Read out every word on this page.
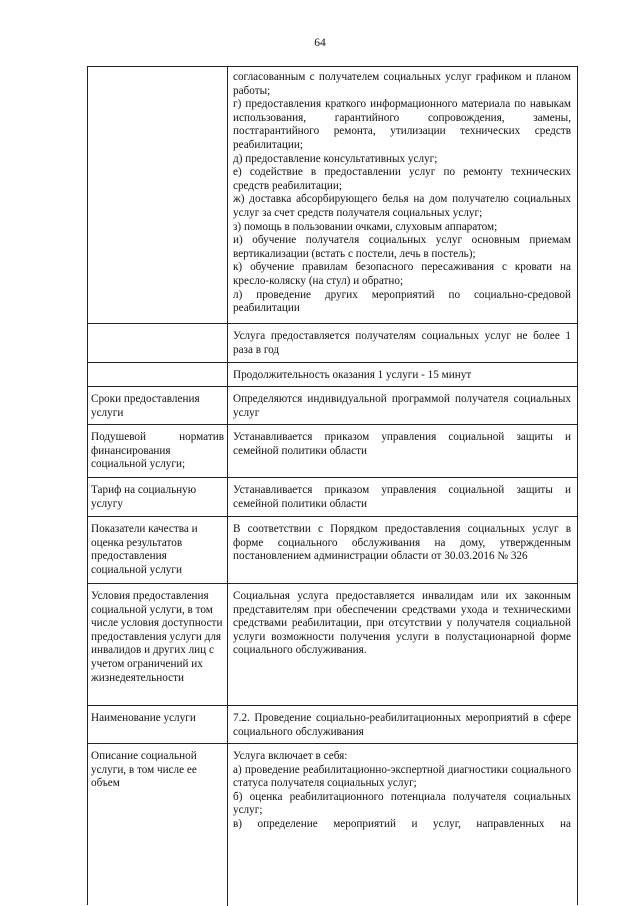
64

согласованным с получателем социальных услуг графиком и планом работы;

г) предоставления краткого информационного материала по навыкам использования, гарантийного сопровождения, замены, постгарантийного ремонта, утилизации технических средств реабилитации;

д) предоставление консультативных услуг;

е) содействие в предоставлении услуг по ремонту технических средств реабилитации;

ж) доставка абсорбирующего белья на дом получателю социальных услуг за счет средств получателя социальных услуг;

з) помощь в пользовании очками, слуховым аппаратом;

и) обучение получателя социальных услуг основным приемам вертикализации (встать с постели, лечь в постель);

к) обучение правилам безопасного пересаживания с кровати на кресло-коляску (на стул) и обратно;

л) проведение других мероприятий по социально-средовой реабилитации

Услуга предоставляется получателям социальных услуг не более 1 раза в год

Продолжительность оказания 1 услуги - 15 минут

Сроки предоставления услуги

Определяются индивидуальной программой получателя социальных услуг

Подушевой норматив финансирования социальной услуги;

Устанавливается приказом управления социальной защиты и семейной политики области

Тариф на социальную услугу

Устанавливается приказом управления социальной защиты и семейной политики области

Показатели качества и оценка результатов предоставления социальной услуги

В соответствии с Порядком предоставления социальных услуг в форме социального обслуживания на дому, утвержденным постановлением администрации области от 30.03.2016 № 326

Условия предоставления социальной услуги, в том числе условия доступности предоставления услуги для инвалидов и других лиц с учетом ограничений их жизнедеятельности

Социальная услуга предоставляется инвалидам или их законным представителям при обеспечении средствами ухода и техническими средствами реабилитации, при отсутствии у получателя социальной услуги возможности получения услуги в полустационарной форме социального обслуживания.

Наименование услуги	7.2. Проведение социально-реабилитационных мероприятий в сфере социального обслуживания

Описание социальной услуги, в том числе ее объем

Услуга включает в себя:

а) проведение реабилитационно-экспертной диагностики социального статуса получателя социальных услуг;

б) оценка реабилитационного потенциала получателя социальных услуг;

в) определение мероприятий и услуг, направленных на
